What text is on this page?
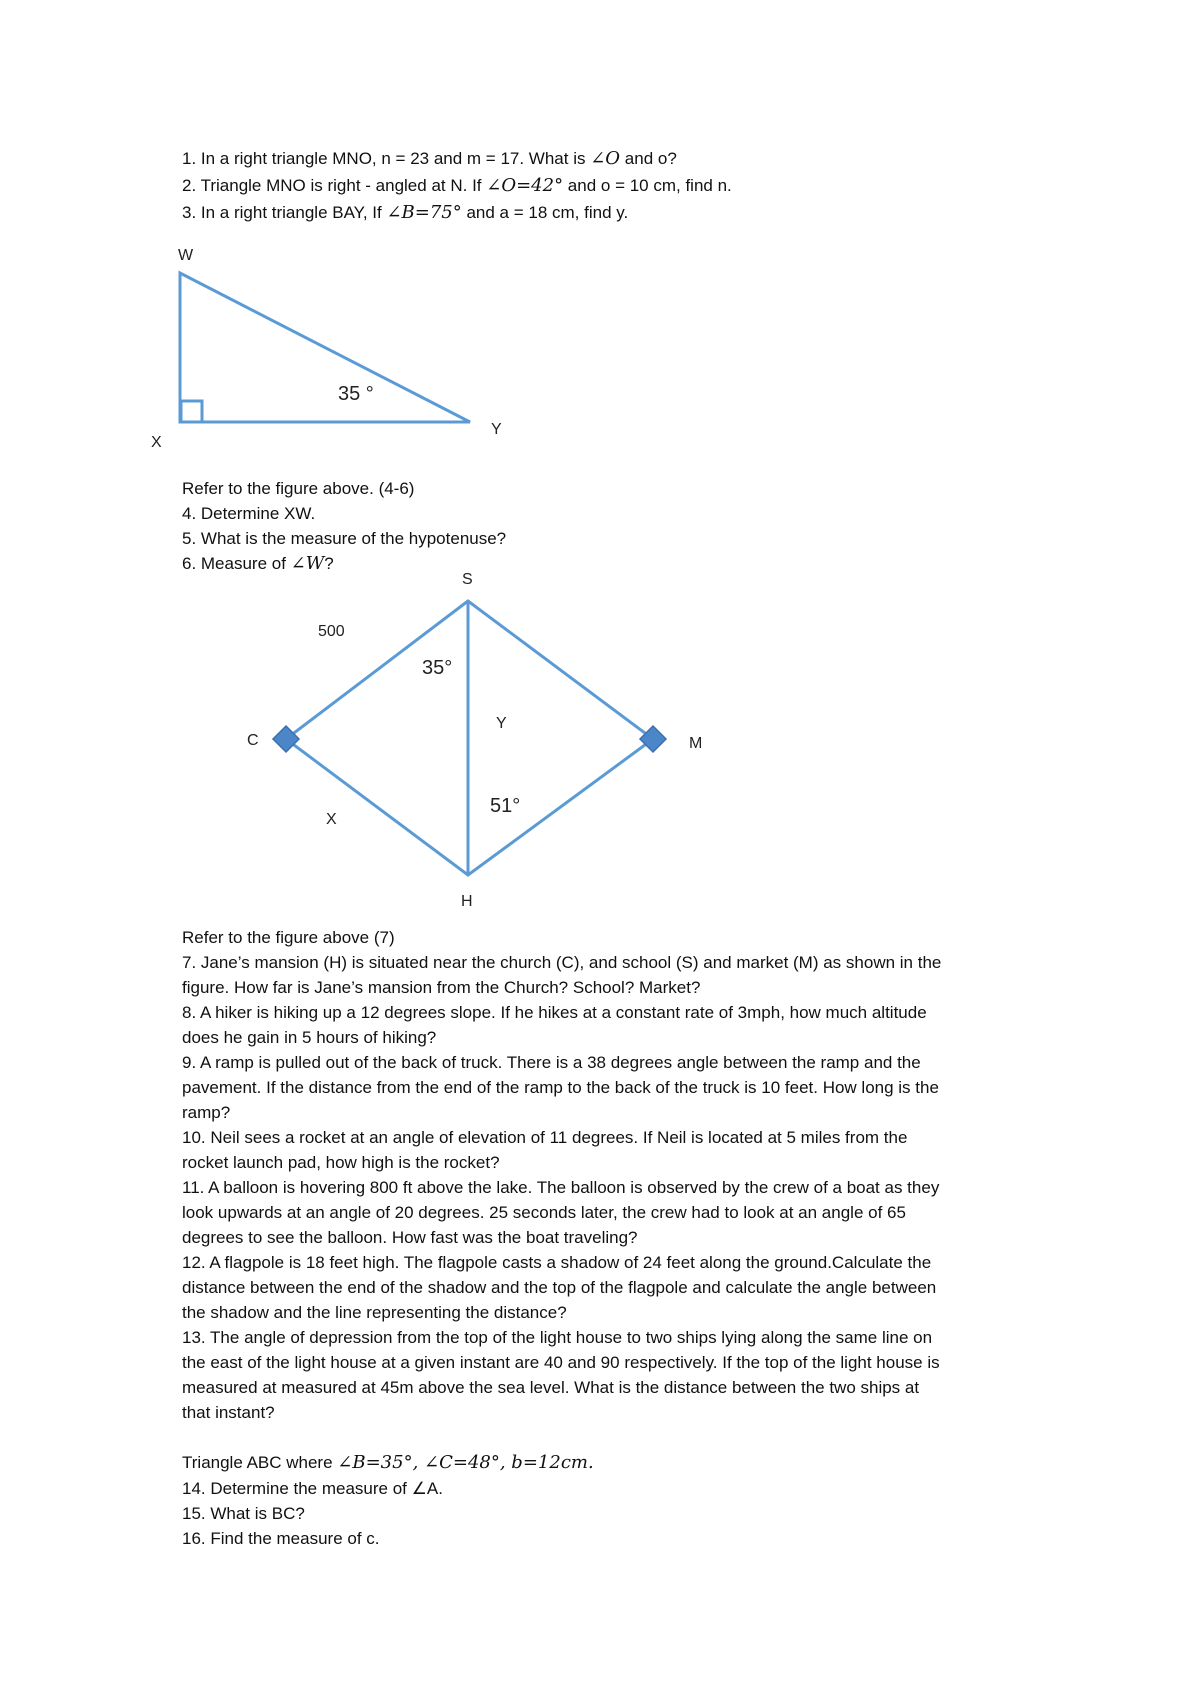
1. In a right triangle MNO, n = 23 and m = 17. What is ∠O and o?
2. Triangle MNO is right - angled at N. If ∠O=42° and o = 10 cm, find n.
3. In a right triangle BAY, If ∠B=75° and a = 18 cm, find y.
W
X
Y
35 °
S
C	M
H
500
X
Y
35°
51°
Refer to the figure above. (4-6)
4. Determine XW.
5. What is the measure of the hypotenuse?
6. Measure of ∠W?
Refer to the figure above (7)
7. Jane’s mansion (H) is situated near the church (C), and school (S) and market (M) as shown in the
figure. How far is Jane’s mansion from the Church? School? Market?
8. A hiker is hiking up a 12 degrees slope. If he hikes at a constant rate of 3mph, how much altitude
does he gain in 5 hours of hiking?
9. A ramp is pulled out of the back of truck. There is a 38 degrees angle between the ramp and the
pavement. If the distance from the end of the ramp to the back of the truck is 10 feet. How long is the
ramp?
10. Neil sees a rocket at an angle of elevation of 11 degrees. If Neil is located at 5 miles from the
rocket launch pad, how high is the rocket?
11. A balloon is hovering 800 ft above the lake. The balloon is observed by the crew of a boat as they
look upwards at an angle of 20 degrees. 25 seconds later, the crew had to look at an angle of 65
degrees to see the balloon. How fast was the boat traveling?
12. A flagpole is 18 feet high. The flagpole casts a shadow of 24 feet along the ground.Calculate the
distance between the end of the shadow and the top of the flagpole and calculate the angle between
the shadow and the line representing the distance?
13. The angle of depression from the top of the light house to two ships lying along the same line on
the east of the light house at a given instant are 40 and 90 respectively. If the top of the light house is
measured at measured at 45m above the sea level. What is the distance between the two ships at
that instant?
Triangle ABC where ∠B=35°, ∠C=48°, b=12cm.
14. Determine the measure of ∠A.
15. What is BC?
16. Find the measure of c.
